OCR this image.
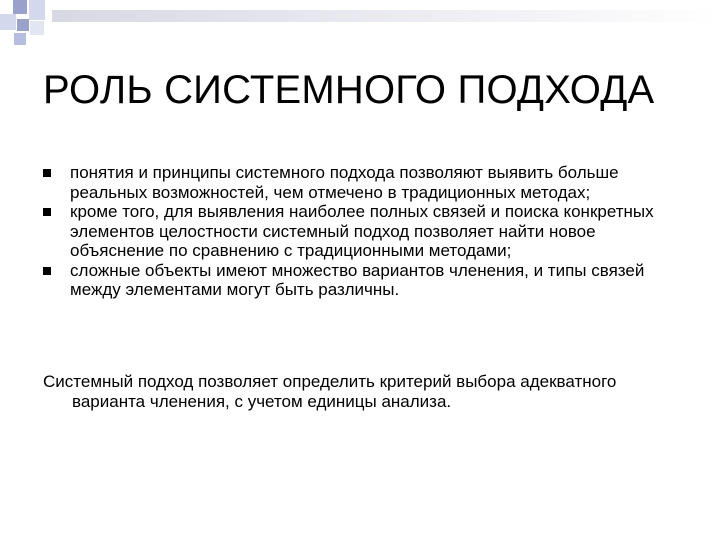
РОЛЬ СИСТЕМНОГО ПОДХОДА
понятия и принципы системного подхода позволяют выявить больше реальных возможностей, чем отмечено в традиционных методах;
кроме того, для выявления наиболее полных связей и поиска конкретных элементов целостности системный подход позволяет найти новое объяснение по сравнению с традиционными методами;
сложные объекты имеют множество вариантов членения, и типы связей между элементами могут быть различны.
Системный подход позволяет определить критерий выбора адекватного варианта членения, с учетом единицы анализа.
